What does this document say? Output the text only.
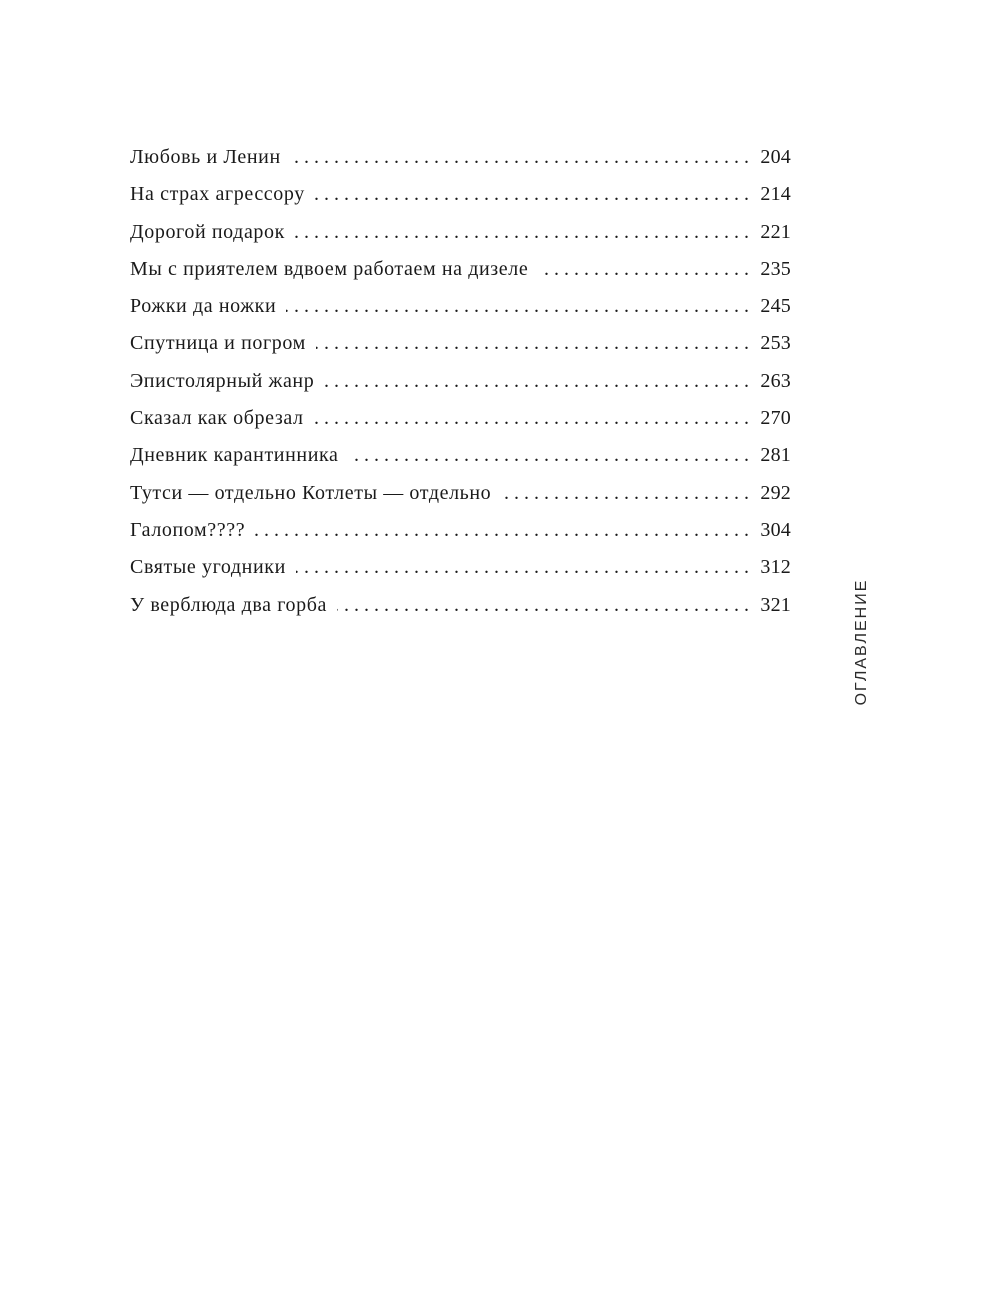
Любовь и Ленин . . .	204
На страх агрессору . . .	214
Дорогой подарок . . .	221
Мы с приятелем вдвоем работаем на дизеле . . .	235
Рожки да ножки . . .	245
Спутница и погром . . .	253
Эпистолярный жанр . . .	263
Сказал как обрезал . . .	270
Дневник карантинника . . .	281
Тутси — отдельно Котлеты — отдельно . . .	292
Галопом???? . . .	304
Святые угодники . . .	312
У верблюда два горба . . .	321	ОГЛАВЛЕНИЕ
